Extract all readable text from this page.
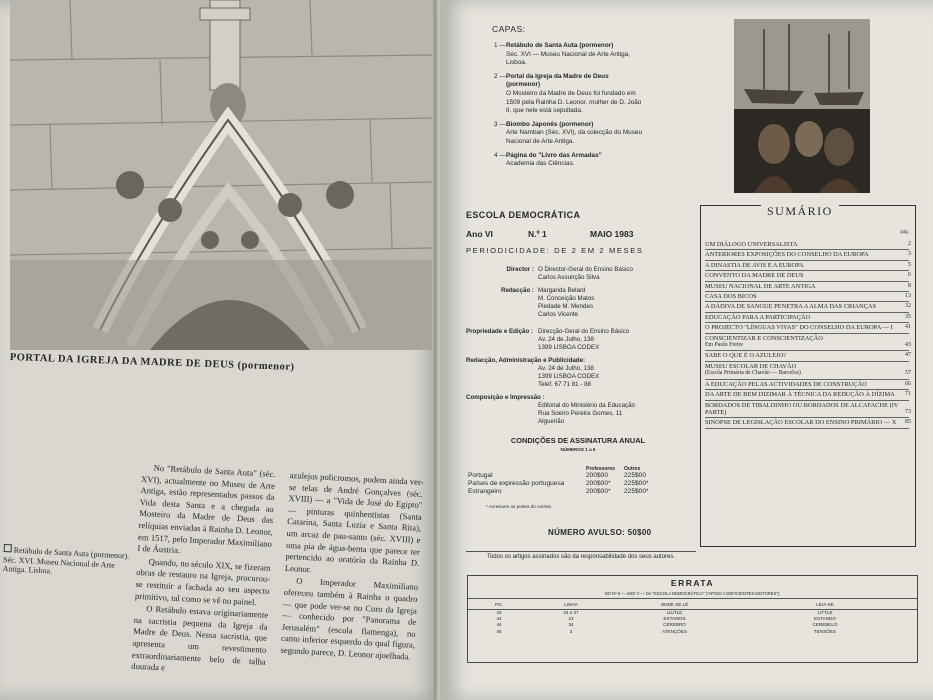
PORTAL DA IGREJA DA MADRE DE DEUS (pormenor)

No "Retábulo de Santa Auta" (séc. XVI), actualmente no Museu de Arte Antiga, estão representados passos da Vida desta Santa e a chegada ao Mosteiro da Madre de Deus das relíquias enviadas à Rainha D. Leonor, em 1517, pelo Imperador Maximiliano I de Áustria.

Quando, no século XIX, se fizeram obras de restauro na Igreja, procurou-se restituir a fachada ao seu aspecto primitivo, tal como se vê no painel.

O Retábulo estava originariamente na sacristia pequena da Igreja da Madre de Deus. Nessa sacristia, que apresenta um revestimento extraordinariamente belo de talha dourada e

azulejos policromos, podem ainda ver-se telas de André Gonçalves (séc. XVIII) — a "Vida de José do Egipto" — pinturas quinhentistas (Santa Catarina, Santa Luzia e Santa Rita), um arcaz de pau-santo (séc. XVIII) e uma pia de água-benta que parece ter pertencido ao oratório da Rainha D. Leonor.

O Imperador Maximiliano ofereceu também à Rainha o quadro — que pode ver-se no Coro da Igreja — conhecido por "Panorama de Jerusalém" (escola flamenga), no canto inferior esquerdo do qual figura, segundo parece, D. Leonor ajoelhada.

Retábulo de Santa Auta (pormenor). Séc. XVI. Museu Nacional de Arte Antiga. Lisboa.
CAPAS:
1 — Retábulo de Santa Auta (pormenor)
Séc. XVI — Museu Nacional de Arte Antiga, Lisboa.
2 — Portal da Igreja da Madre de Deus (pormenor)
O Mosteiro da Madre de Deus foi fundado em 1509 pela Rainha D. Leonor, mulher de D. João II, que nele está sepultada.
3 — Biombo Japonês (pormenor)
Arte Namban (Séc. XVI), da colecção do Museu Nacional de Arte Antiga.
4 — Página do "Livro das Armadas"
Academia das Ciências.
ESCOLA DEMOCRÁTICA
Ano VI	N.º 1	MAIO 1983
PERIODICIDADE: DE 2 EM 2 MESES
Director : O Director-Geral do Ensino Básico
Carlos Assunção Silva
Redacção : Margarida Belard
M. Conceição Matos
Piedade M. Mendes
Carlos Vicente
Propriedade e Edição : Direcção-Geral do Ensino Básico
Av. 24 de Julho, 138
1399 LISBOA CODEX
Redacção, Administração e Publicidade:
Av. 24 de Julho, 138
1399 LISBOA CODEX
Telef. 67 71 81 - 88
Composição e Impressão :
Editorial do Ministério da Educação
Rua Soeiro Pereira Gomes, 11
Alguerião
CONDIÇÕES DE ASSINATURA ANUAL
NÚMEROS 1 a 6
Professores	Outros
Portugal	200$00	225$00
Países de expressão portuguesa	200$00*	225$00*
Estrangeiro	200$00*	225$00*
* Acrescem os portes do correio
NÚMERO AVULSO: 50$00
Todos os artigos assinados são da responsabilidade dos seus autores.
SUMÁRIO
pág.
UM DIÁLOGO UNIVERSALISTA	2
ANTERIORES EXPOSIÇÕES DO CONSELHO DA EUROPA	3
A DINASTIA DE AVIS E A EUROPA	5
CONVENTO DA MADRE DE DEUS	6
MUSEU NACIONAL DE ARTE ANTIGA	8
CASA DOS BICOS	13
A DÁDIVA DE SANGUE PENETRA A ALMA DAS CRIANÇAS	32
EDUCAÇÃO PARA A PARTICIPAÇÃO	35
O PROJECTO "LÍNGUAS VIVAS" DO CONSELHO DA EUROPA — I 41
CONSCIENTIZAR E CONSCIENTIZAÇÃO
Em Paulo Freire	43
SABE O QUE É O AZULEJO?	47
MUSEU ESCOLAR DE CHAVÃO
(Escola Primária de Chavão — Barcelos)	57
A EDUCAÇÃO PELAS ACTIVIDADES DE CONSTRUÇÃO	66
DA ARTE DE BEM DIZIMAR À TÉCNICA DA REDUÇÃO À DÍZIMA 71
BORDADOS DE TIBALDINHO OU BORDADOS DE ALCAFACHE (IV PARTE)	73
SINOPSE DE LEGISLAÇÃO ESCOLAR DO ENSINO PRIMÁRIO — X 85
ERRATA
NO Nº 5 — ANO V — DA "ESCOLA DEMOCRÁTICA" ("APOIO A DEFICIENTES MOTORES"):
PG.	LINHA	ONDE SE LÊ	LEIA-SE
43	34 e 37	LIUTLE	LITTLE
44	23	ESTAMOS	ESTANDO
44	34	CÉREBRO	CEREBELO
46	3	ATENÇÕES	TENSÕES
